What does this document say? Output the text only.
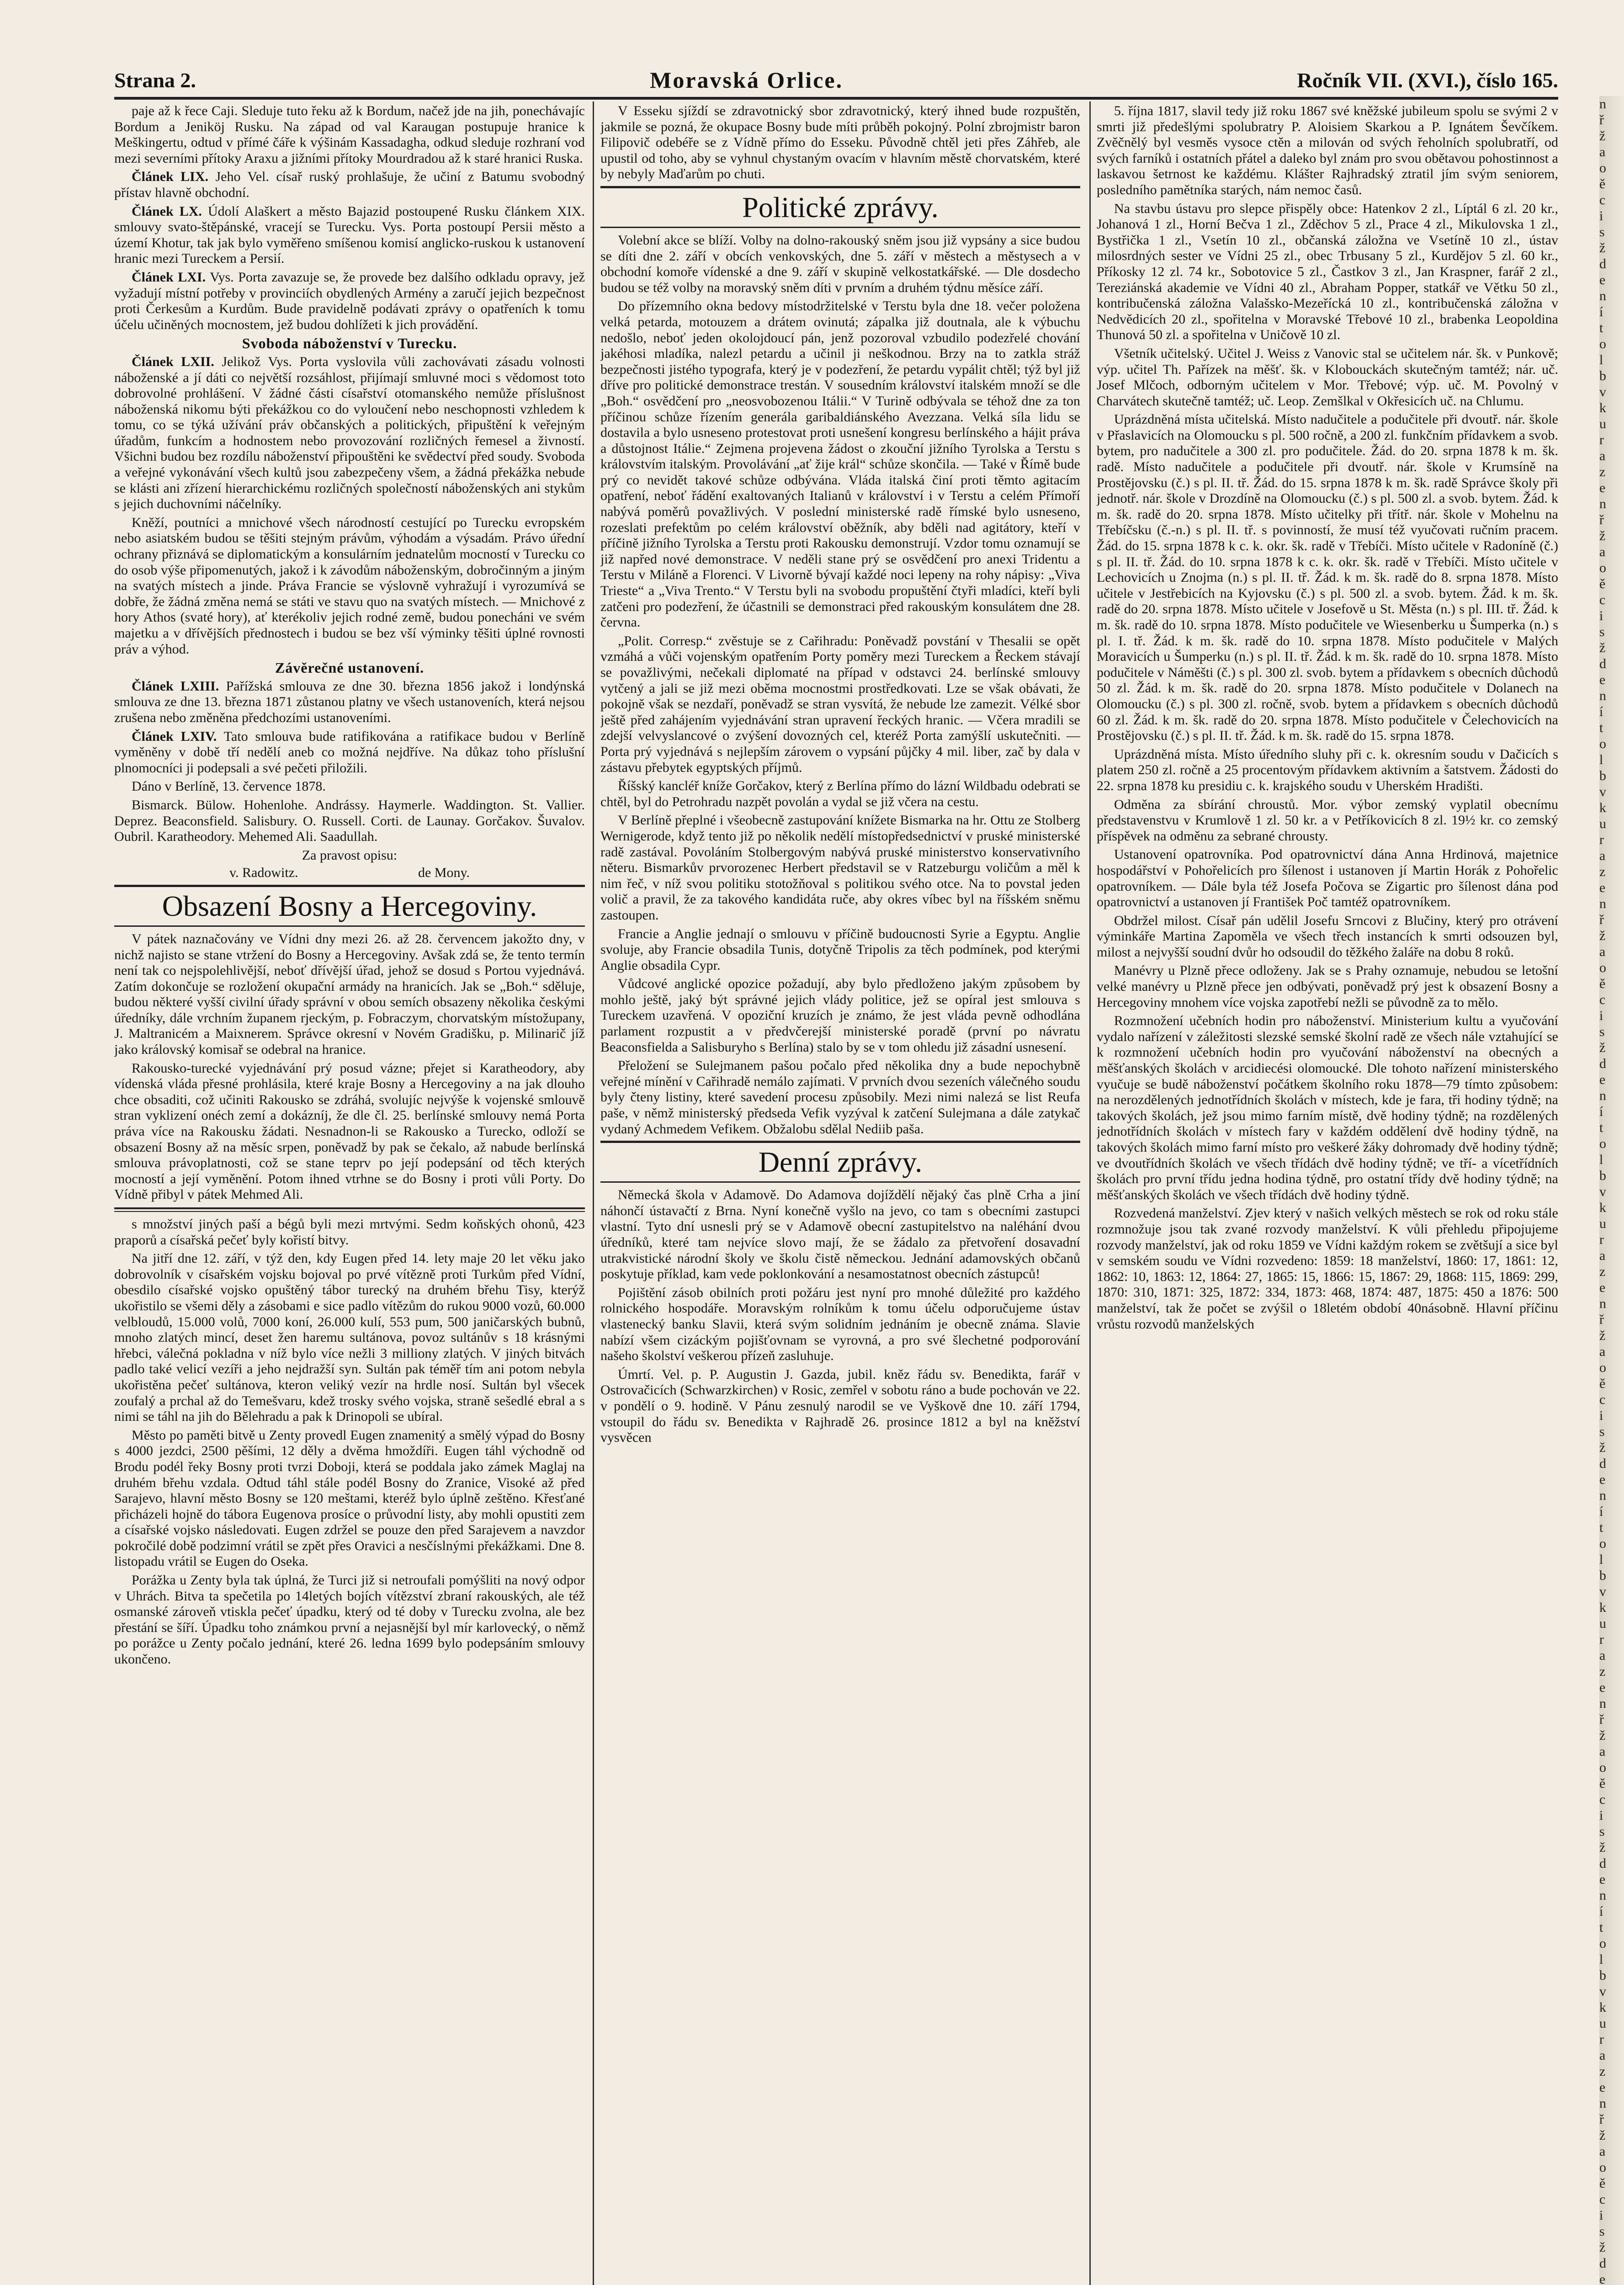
Strana 2.	Moravská Orlice.	Ročník VII. (XVI.), číslo 165.

paje až k řece Caji. Sleduje tuto řeku až k Bordum, načež jde na jih, ponechávajíc Bordum a Jeniköj Rusku. Na západ od val Karaugan postupuje hranice k Meškingertu, odtud v přímé čáře k výšinám Kassadagha, odkud sleduje rozhraní vod mezi severními přítoky Araxu a jižními přítoky Mourdradou až k staré hranici Ruska.

Článek LIX. Jeho Vel. císař ruský prohlašuje, že učiní z Batumu svobodný přístav hlavně obchodní.

Článek LX. Údolí Alaškert a město Bajazid postoupené Rusku článkem XIX. smlouvy svato-štěpánské, vracejí se Turecku. Vys. Porta postoupí Persii město a území Khotur, tak jak bylo vyměřeno smíšenou komisí anglicko-ruskou k ustanovení hranic mezi Tureckem a Persií.

Článek LXI. Vys. Porta zavazuje se, že provede bez dalšího odkladu opravy, jež vyžadují místní potřeby v provinciích obydlených Armény a zaručí jejich bezpečnost proti Čerkesům a Kurdům. Bude pravidelně podávati zprávy o opatřeních k tomu účelu učiněných mocnostem, jež budou dohlížeti k jich provádění.

Svoboda náboženství v Turecku.

Článek LXII. Jelikož Vys. Porta vyslovila vůli zachovávati zásadu volnosti náboženské a jí dáti co největší rozsáhlost, přijímají smluvné moci s vědomost toto dobrovolné prohlášení. V žádné části císařství otomanského nemůže příslušnost náboženská nikomu býti překážkou co do vyloučení nebo neschopnosti vzhledem k tomu, co se týká užívání práv občanských a politických, připuštění k veřejným úřadům, funkcím a hodnostem nebo provozování rozličných řemesel a živností. Všichni budou bez rozdílu náboženství připouštěni ke svědectví před soudy. Svoboda a veřejné vykonávání všech kultů jsou zabezpečeny všem, a žádná překážka nebude se klásti ani zřízení hierarchickému rozličných společností náboženských ani stykům s jejich duchovními náčelníky.

Kněží, poutníci a mnichové všech národností cestující po Turecku evropském nebo asiatském budou se těšiti stejným právům, výhodám a výsadám. Právo úřední ochrany přiznává se diplomatickým a konsulárním jednatelům mocností v Turecku co do osob výše připomenutých, jakož i k závodům náboženským, dobročinným a jiným na svatých místech a jinde. Práva Francie se výslovně vyhražují i vyrozumívá se dobře, že žádná změna nemá se státi ve stavu quo na svatých místech. — Mnichové z hory Athos (svaté hory), ať kterékoliv jejich rodné země, budou ponecháni ve svém majetku a v dřívějších přednostech i budou se bez vší výminky těšiti úplné rovnosti práv a výhod.

Závěrečné ustanovení.

Článek LXIII. Pařížská smlouva ze dne 30. března 1856 jakož i londýnská smlouva ze dne 13. března 1871 zůstanou platny ve všech ustanoveních, která nejsou zrušena nebo změněna předchozími ustanoveními.

Článek LXIV. Tato smlouva bude ratifikována a ratifikace budou v Berlíně vyměněny v době tří nedělí aneb co možná nejdříve. Na důkaz toho příslušní plnomocníci ji podepsali a své pečeti přiložili.

Dáno v Berlíně, 13. července 1878.

Bismarck. Bülow. Hohenlohe. Andrássy. Haymerle. Waddington. St. Vallier. Deprez. Beaconsfield. Salisbury. O. Russell. Corti. de Launay. Gorčakov. Šuvalov. Oubril. Karatheodory. Mehemed Ali. Saadullah.

Za pravost opisu:
v. Radowitz.                                   de Mony.
Obsazení Bosny a Hercegoviny.

V pátek naznačovány ve Vídni dny mezi 26. až 28. červencem jakožto dny, v nichž najisto se stane vtržení do Bosny a Hercegoviny. Avšak zdá se, že tento termín není tak co nejspolehlivější, neboť dřívější úřad, jehož se dosud s Portou vyjednává. Zatím dokončuje se rozložení okupační armády na hranicích. Jak se „Boh.“ sděluje, budou některé vyšší civilní úřady správní v obou semích obsazeny několika českými úředníky, dále vrchním županem rjeckým, p. Fobraczym, chorvatským místožupany, J. Maltranicém a Maixnerem. Správce okresní v Novém Gradišku, p. Milinarič jíž jako královský komisař se odebral na hranice.

Rakousko-turecké vyjednávání prý posud vázne; přejet si Karatheodory, aby vídenská vláda přesné prohlásila, které kraje Bosny a Hercegoviny a na jak dlouho chce obsaditi, což učiniti Rakousko se zdráhá, svolujíc nejvýše k vojenské smlouvě stran vyklizení onéch zemí a dokázníj, že dle čl. 25. berlínské smlouvy nemá Porta práva více na Rakousku žádati. Nesnadnon-li se Rakousko a Turecko, odloží se obsazení Bosny až na měsíc srpen, poněvadž by pak se čekalo, až nabude berlínská smlouva právoplatnosti, což se stane teprv po její podepsání od těch kterých mocností a její vyměnění. Potom ihned vtrhne se do Bosny i proti vůli Porty. Do Vídně přibyl v pátek Mehmed Ali.

s množství jiných paší a bégů byli mezi mrtvými. Sedm koňských ohonů, 423 praporů a císařská pečeť byly kořistí bitvy.

Na jitří dne 12. září, v týž den, kdy Eugen před 14. lety maje 20 let věku jako dobrovolník v císařském vojsku bojoval po prvé vítězně proti Turkům před Vídní, obesdilo císařské vojsko opuštěný tábor turecký na druhém břehu Tisy, kterýž ukořistilo se všemi děly a zásobami e sice padlo vítězům do rukou 9000 vozů, 60.000 velbloudů, 15.000 volů, 7000 koní, 26.000 kulí, 553 pum, 500 janičarských bubnů, mnoho zlatých mincí, deset žen haremu sultánova, povoz sultánův s 18 krásnými hřebci, válečná pokladna v níž bylo více nežli 3 milliony zlatých. V jiných bitvách padlo také velicí vezíři a jeho nejdražší syn. Sultán pak téměř tím ani potom nebyla ukořistěna pečeť sultánova, kteron veliký vezír na hrdle nosí. Sultán byl všecek zoufalý a prchal až do Temešvaru, kdež trosky svého vojska, straně sešedlé ebral a s nimi se táhl na jih do Bělehradu a pak k Drinopoli se ubíral.

Město po paměti bitvě u Zenty provedl Eugen znamenitý a smělý výpad do Bosny s 4000 jezdci, 2500 pěšími, 12 děly a dvěma hmoždíři. Eugen táhl východně od Brodu podél řeky Bosny proti tvrzi Doboji, která se poddala jako zámek Maglaj na druhém břehu vzdala. Odtud táhl stále podél Bosny do Zranice, Visoké až před Sarajevo, hlavní město Bosny se 120 meštami, kteréž bylo úplně zeštěno. Křesťané přicházeli hojně do tábora Eugenova prosíce o průvodní listy, aby mohli opustiti zem a císařské vojsko následovati. Eugen zdržel se pouze den před Sarajevem a navzdor pokročilé době podzimní vrátil se zpět přes Oravici a nesčíslnými překážkami. Dne 8. listopadu vrátil se Eugen do Oseka.

Porážka u Zenty byla tak úplná, že Turci již si netroufali pomýšliti na nový odpor v Uhrách. Bitva ta spečetila po 14letých bojích vítězství zbraní rakouských, ale též osmanské zároveň vtiskla pečeť úpadku, který od té doby v Turecku zvolna, ale bez přestání se šíří. Úpadku toho známkou první a nejasnější byl mír karlovecký, o němž po porážce u Zenty počalo jednání, které 26. ledna 1699 bylo podepsáním smlouvy ukončeno.

V Esseku sjíždí se zdravotnický sbor zdravotnický, který ihned bude rozpuštěn, jakmile se pozná, že okupace Bosny bude míti průběh pokojný. Polní zbrojmistr baron Filipovič odebéře se z Vídně přímo do Esseku. Původně chtěl jeti přes Záhřeb, ale upustil od toho, aby se vyhnul chystaným ovacím v hlavním městě chorvatském, které by nebyly Maďarům po chuti.

Politické zprávy.

Volební akce se blíží. Volby na dolno-rakouský sněm jsou již vypsány a sice budou se díti dne 2. září v obcích venkovských, dne 5. září v městech a městysech a v obchodní komoře vídenské a dne 9. září v skupině velkostatkářské. — Dle dosdecho budou se též volby na moravský sněm díti v prvním a druhém týdnu měsíce září.

Do přízemního okna bedovy místodržitelské v Terstu byla dne 18. večer položena velká petarda, motouzem a drátem ovinutá; zápalka již doutnala, ale k výbuchu nedošlo, neboť jeden okolojdoucí pán, jenž pozoroval vzbudilo podezřelé chování jakéhosi mladíka, nalezl petardu a učinil ji neškodnou. Brzy na to zatkla stráž bezpečnosti jistého typografa, který je v podezření, že petardu vypálit chtěl; týž byl již dříve pro politické demonstrace trestán. V sousedním království italském množí se dle „Boh.“ osvědčení pro „neosvobozenou Itálii.“ V Turině odbývala se téhož dne za ton příčinou schůze řízením generála garibaldiánského Avezzana. Velká síla lidu se dostavila a bylo usneseno protestovat proti usnešení kongresu berlínského a hájit práva a důstojnost Itálie.“ Zejmena projevena žádost o zkouční jižního Tyrolska a Terstu s královstvím italským. Provolávání „ať žije král“ schůze skončila. — Také v Římě bude prý co nevidět takové schůze odbývána. Vláda italská činí proti těmto agitacím opatření, neboť řádění exaltovaných Italianů v království i v Terstu a celém Přímoří nabývá poměrů považlivých. V poslední ministerské radě římské bylo usneseno, rozeslati prefektům po celém království oběžník, aby bděli nad agitátory, kteří v příčině jižního Tyrolska a Terstu proti Rakousku demonstrují. Vzdor tomu oznamují se již napřed nové demonstrace. V neděli stane prý se osvědčení pro anexi Tridentu a Terstu v Miláně a Florenci. V Livorně bývají každé noci lepeny na rohy nápisy: „Viva Trieste“ a „Viva Trento.“ V Terstu byli na svobodu propuštění čtyři mladíci, kteří byli zatčeni pro podezření, že účastnili se demonstraci před rakouským konsulátem dne 28. června.

„Polit. Corresp.“ zvěstuje se z Cařihradu: Poněvadž povstání v Thesalii se opět vzmáhá a vůči vojenským opatřením Porty poměry mezi Tureckem a Řeckem stávají se považlivými, nečekali diplomaté na případ v odstavci 24. berlínské smlouvy vytčený a jali se již mezi oběma mocnostmi prostředkovati. Lze se však obávati, že pokojně však se nezdaří, poněvadž se stran vysvítá, že nebude lze zamezit. Vélké sbor ještě před zahájením vyjednávání stran upravení řeckých hranic. — Včera mradili se zdejší velvyslancové o zvýšení dovozných cel, kteréž Porta zamýšlí uskutečniti. — Porta prý vyjednává s nejlepším zárovem o vypsání půjčky 4 mil. liber, zač by dala v zástavu přebytek egyptských příjmů.

Říšský kancléř kníže Gorčakov, který z Berlína přímo do lázní Wildbadu odebrati se chtěl, byl do Petrohradu nazpět povolán a vydal se již včera na cestu.

V Berlíně přeplné i všeobecně zastupování knížete Bismarka na hr. Ottu ze Stolberg Wernigerode, když tento již po několik nedělí místopředsednictví v pruské ministerské radě zastával. Povoláním Stolbergovým nabývá pruské ministerstvo konservativního něteru. Bismarkův prvorozenec Herbert představil se v Ratzeburgu voličům a měl k nim řeč, v níž svou politiku stotožňoval s politikou svého otce. Na to povstal jeden volič a pravil, že za takového kandidáta ruče, aby okres víbec byl na říšském sněmu zastoupen.

Francie a Anglie jednají o smlouvu v příčině budoucnosti Syrie a Egyptu. Anglie svoluje, aby Francie obsadila Tunis, dotyčně Tripolis za těch podmínek, pod kterými Anglie obsadila Cypr.

Vůdcové anglické opozice požadují, aby bylo předloženo jakým způsobem by mohlo ještě, jaký být správné jejich vlády politice, jež se opíral jest smlouva s Tureckem uzavřená. V opoziční kruzích je známo, že jest vláda pevně odhodlána parlament rozpustit a v předvčerejší ministerské poradě (první po návratu Beaconsfielda a Salisburyho s Berlína) stalo by se v tom ohledu již zásadní usnesení.

Přeložení se Sulejmanem pašou počalo před několika dny a bude nepochybně veřejné mínění v Cařihradě nemálo zajímati. V prvních dvou sezeních válečného soudu byly čteny listiny, které savedení procesu způsobily. Mezi nimi nalezá se list Reufa paše, v němž ministerský předseda Vefik vyzýval k zatčení Sulejmana a dále zatykač vydaný Achmedem Vefikem. Obžalobu sdělal Nediib paša.

Denní zprávy.

Německá škola v Adamově. Do Adamova dojíždělí nějaký čas plně Crha a jiní náhončí ústavačtí z Brna. Nyní konečně vyšlo na jevo, co tam s obecními zastupci vlastní. Tyto dní usnesli prý se v Adamově obecní zastupitelstvo na naléhání dvou úředníků, které tam nejvíce slovo mají, že se žádalo za přetvoření dosavadní utrakvistické národní školy ve školu čistě německou. Jednání adamovských občanů poskytuje příklad, kam vede poklonkování a nesamostatnost obecních zástupců!

Pojištění zásob obilních proti požáru jest nyní pro mnohé důležité pro každého rolnického hospodáře. Moravským rolníkům k tomu účelu odporučujeme ústav vlastenecký banku Slavii, která svým solidním jednáním je obecně známa. Slavie nabízí všem cizáckým pojišťovnam se vyrovná, a pro své šlechetné podporování našeho školství veškerou přízeň zasluhuje.

Úmrtí. Vel. p. P. Augustin J. Gazda, jubil. kněz řádu sv. Benedikta, farář v Ostrovačicích (Schwarzkirchen) v Rosic, zemřel v sobotu ráno a bude pochován ve 22. v pondělí o 9. hodině. V Pánu zesnulý narodil se ve Vyškově dne 10. září 1794, vstoupil do řádu sv. Benedikta v Rajhradě 26. prosince 1812 a byl na kněžství vysvěcen

5. října 1817, slavil tedy již roku 1867 své kněžské jubileum spolu se svými 2 v smrti již předešlými spolubratry P. Aloisiem Skarkou a P. Ignátem Ševčíkem. Zvěčnělý byl vesměs vysoce ctěn a milován od svých řeholních spolubratří, od svých farníků i ostatních přátel a daleko byl znám pro svou obětavou pohostinnost a laskavou šetrnost ke každému. Klášter Rajhradský ztratil jím svým seniorem, posledního pamětníka starých, nám nemoc časů.

Na stavbu ústavu pro slepce přispěly obce: Hatenkov 2 zl., Líptál 6 zl. 20 kr., Johanová 1 zl., Horní Bečva 1 zl., Zděchov 5 zl., Prace 4 zl., Mikulovska 1 zl., Bystřička 1 zl., Vsetín 10 zl., občanská záložna ve Vsetíně 10 zl., ústav milosrdných sester ve Vídni 25 zl., obec Trbusany 5 zl., Kurdějov 5 zl. 60 kr., Příkosky 12 zl. 74 kr., Sobotovice 5 zl., Častkov 3 zl., Jan Kraspner, farář 2 zl., Tereziánská akademie ve Vídni 40 zl., Abraham Popper, statkář ve Větku 50 zl., kontribučenská záložna Valašsko-Mezeřícká 10 zl., kontribučenská záložna v Nedvědicích 20 zl., spořitelna v Moravské Třebové 10 zl., brabenka Leopoldina Thunová 50 zl. a spořitelna v Uničově 10 zl.

Všetník učitelský. Učitel J. Weiss z Vanovic stal se učitelem nár. šk. v Punkově; výp. učitel Th. Pařízek na měšť. šk. v Klobouckách skutečným tamtéž; nár. uč. Josef Mlčoch, odborným učitelem v Mor. Třebové; výp. uč. M. Povolný v Charvátech skutečně tamtéž; uč. Leop. Zemšlkal v Okřesicích uč. na Chlumu.

Uprázdněná místa učitelská. Místo nadučitele a podučitele při dvoutř. nár. škole v Přaslavicích na Olomoucku s pl. 500 ročně, a 200 zl. funkčním přídavkem a svob. bytem, pro nadučitele a 300 zl. pro podučitele. Žád. do 20. srpna 1878 k m. šk. radě. Místo nadučitele a podučitele při dvoutř. nár. škole v Krumsíně na Prostějovsku (č.) s pl. II. tř. Žád. do 15. srpna 1878 k m. šk. radě Správce školy při jednotř. nár. škole v Drozdíně na Olomoucku (č.) s pl. 500 zl. a svob. bytem. Žád. k m. šk. radě do 20. srpna 1878. Místo učitelky při třítř. nár. škole v Mohelnu na Třebíčsku (č.-n.) s pl. II. tř. s povinností, že musí též vyučovati ručním pracem. Žád. do 15. srpna 1878 k c. k. okr. šk. radě v Třebíči. Místo učitele v Radoníně (č.) s pl. II. tř. Žád. do 10. srpna 1878 k c. k. okr. šk. radě v Třebíči. Místo učitele v Lechovicích u Znojma (n.) s pl. II. tř. Žád. k m. šk. radě do 8. srpna 1878. Místo učitele v Jestřebicích na Kyjovsku (č.) s pl. 500 zl. a svob. bytem. Žád. k m. šk. radě do 20. srpna 1878. Místo učitele v Josefově u St. Města (n.) s pl. III. tř. Žád. k m. šk. radě do 10. srpna 1878. Místo podučitele ve Wiesenberku u Šumperka (n.) s pl. I. tř. Žád. k m. šk. radě do 10. srpna 1878. Místo podučitele v Malých Moravicích u Šumperku (n.) s pl. II. tř. Žád. k m. šk. radě do 10. srpna 1878. Místo podučitele v Náměšti (č.) s pl. 300 zl. svob. bytem a přídavkem s obecních důchodů 50 zl. Žád. k m. šk. radě do 20. srpna 1878. Místo podučitele v Dolanech na Olomoucku (č.) s pl. 300 zl. ročně, svob. bytem a přídavkem s obecních důchodů 60 zl. Žád. k m. šk. radě do 20. srpna 1878. Místo podučitele v Čelechovicích na Prostějovsku (č.) s pl. II. tř. Žád. k m. šk. radě do 15. srpna 1878.

Uprázdněná místa. Místo úředního sluhy při c. k. okresním soudu v Dačicích s platem 250 zl. ročně a 25 procentovým přídavkem aktivním a šatstvem. Žádosti do 22. srpna 1878 ku presidiu c. k. krajského soudu v Uherském Hradišti.

Odměna za sbírání chroustů. Mor. výbor zemský vyplatil obecnímu představenstvu v Krumlově 1 zl. 50 kr. a v Petříkovicích 8 zl. 19½ kr. co zemský příspěvek na odměnu za sebrané chrousty.

Ustanovení opatrovníka. Pod opatrovnictví dána Anna Hrdinová, majetnice hospodářství v Pohořelicích pro šílenost i ustanoven jí Martin Horák z Pohořelic opatrovníkem. — Dále byla též Josefa Počova se Zigartic pro šílenost dána pod opatrovnictví a ustanoven jí František Poč tamtéž opatrovníkem.

Obdržel milost. Císař pán udělil Josefu Srncovi z Blučiny, který pro otrávení výminkáře Martina Zapoměla ve všech třech instancích k smrti odsouzen byl, milost a nejvyšší soudní dvůr ho odsoudil do těžkého žaláře na dobu 8 roků.

Manévry u Plzně přece odloženy. Jak se s Prahy oznamuje, nebudou se letošní velké manévry u Plzně přece jen odbývati, poněvadž prý jest k obsazení Bosny a Hercegoviny mnohem více vojska zapotřebí nežli se původně za to mělo.

Rozmnožení učebních hodin pro náboženství. Ministerium kultu a vyučování vydalo nařízení v záležitosti slezské semské školní radě ze všech nále vztahující se k rozmnožení učebních hodin pro vyučování náboženství na obecných a měšťanských školách v arcidiecési olomoucké. Dle tohoto nařízení ministerského vyučuje se budě náboženství počátkem školního roku 1878—79 tímto způsobem: na nerozdělených jednotřídních školách v místech, kde je fara, tři hodiny týdně; na takových školách, jež jsou mimo farním místě, dvě hodiny týdně; na rozdělených jednotřídních školách v místech fary v každém oddělení dvě hodiny týdně, na takových školách mimo farní místo pro veškeré žáky dohromady dvě hodiny týdně; ve dvoutřídních školách ve všech třídách dvě hodiny týdně; ve tří- a vícetřídních školách pro první třídu jedna hodina týdně, pro ostatní třídy dvě hodiny týdně; na měšťanských školách ve všech třídách dvě hodiny týdně.

Rozvedená manželství. Zjev který v našich velkých městech se rok od roku stále rozmnožuje jsou tak zvané rozvody manželství. K vůli přehledu připojujeme rozvody manželství, jak od roku 1859 ve Vídni každým rokem se zvětšují a sice byl v semském soudu ve Vídni rozvedeno: 1859: 18 manželství, 1860: 17, 1861: 12, 1862: 10, 1863: 12, 1864: 27, 1865: 15, 1866: 15, 1867: 29, 1868: 115, 1869: 299, 1870: 310, 1871: 325, 1872: 334, 1873: 468, 1874: 487, 1875: 450 a 1876: 500 manželství, tak že počet se zvýšil o 18letém období 40násobně. Hlavní příčinu vrůstu rozvodů manželských

n
ř
ž
a
o
ě
c
i
s
ž
d
e
n
í
t
o
l
b
v
k
u
r
a
z
e
n
ř
ž
a
o
ě
c
i
s
ž
d
e
n
í
t
o
l
b
v
k
u
r
a
z
e
n
ř
ž
a
o
ě
c
i
s
ž
d
e
n
í
t
o
l
b
v
k
u
r
a
z
e
n
ř
ž
a
o
ě
c
i
s
ž
d
e
n
í
t
o
l
b
v
k
u
r
a
z
e
n
ř
ž
a
o
ě
c
i
s
ž
d
e
n
í
t
o
l
b
v
k
u
r
a
z
e
n
ř
ž
a
o
ě
c
i
s
ž
d
e
